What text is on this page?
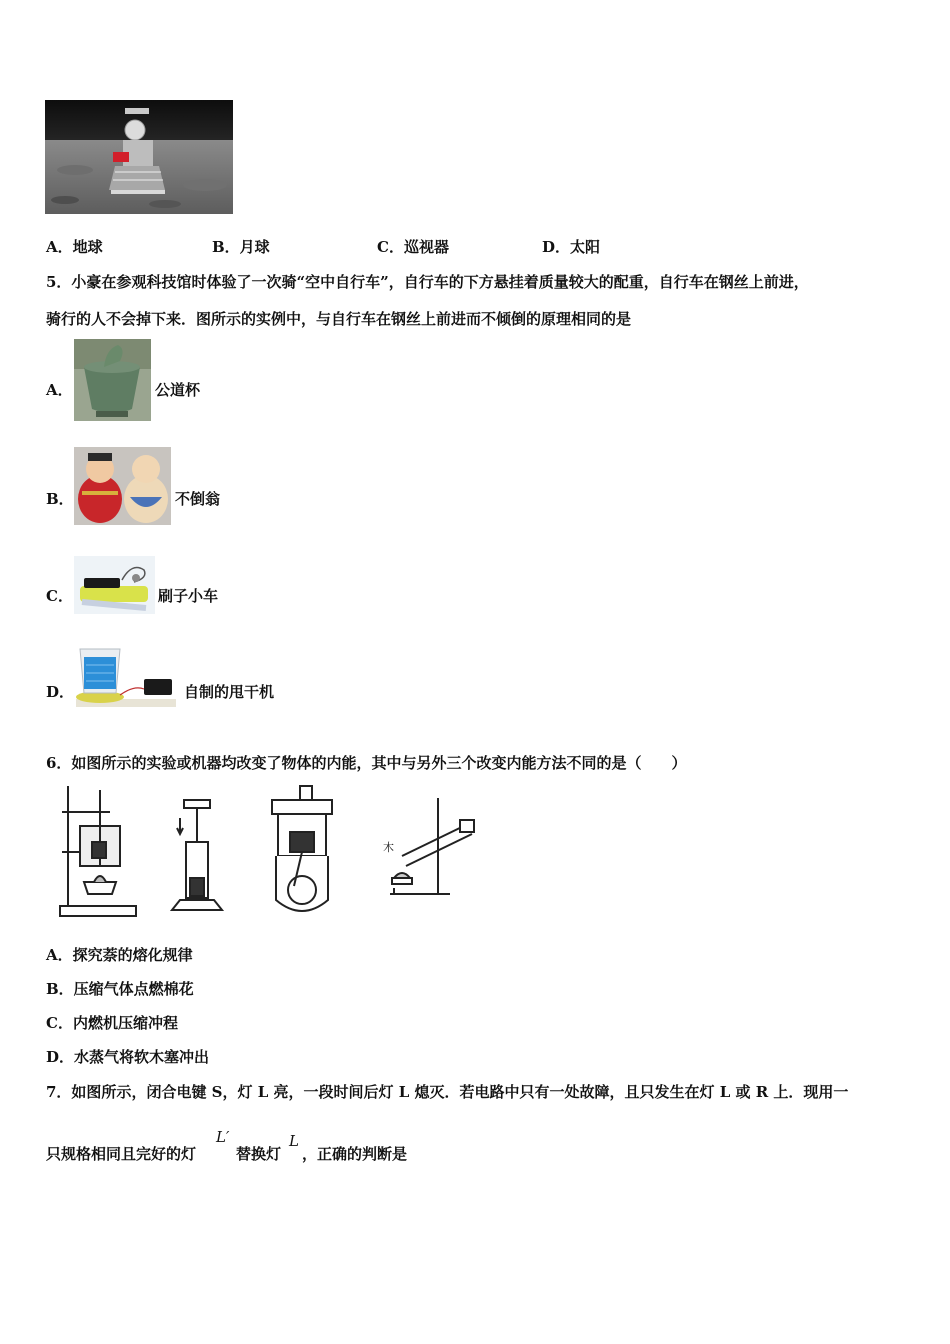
A．地球	B．月球	C．巡视器	D．太阳
5．小豪在参观科技馆时体验了一次骑“空中自行车”，自行车的下方悬挂着质量较大的配重，自行车在钢丝上前进，
骑行的人不会掉下来．图所示的实例中，与自行车在钢丝上前进而不倾倒的原理相同的是
A．	公道杯
B．	不倒翁
C．	刷子小车
D．	自制的甩干机
6．如图所示的实验或机器均改变了物体的内能，其中与另外三个改变内能方法不同的是（　　）
木
A．探究萘的熔化规律
B．压缩气体点燃棉花
C．内燃机压缩冲程
D．水蒸气将软木塞冲出
7．如图所示，闭合电键 S，灯 L 亮，一段时间后灯 L 熄灭．若电路中只有一处故障，且只发生在灯 L 或 R 上．现用一
只规格相同且完好的灯
L′
替换灯
L
，正确的判断是
